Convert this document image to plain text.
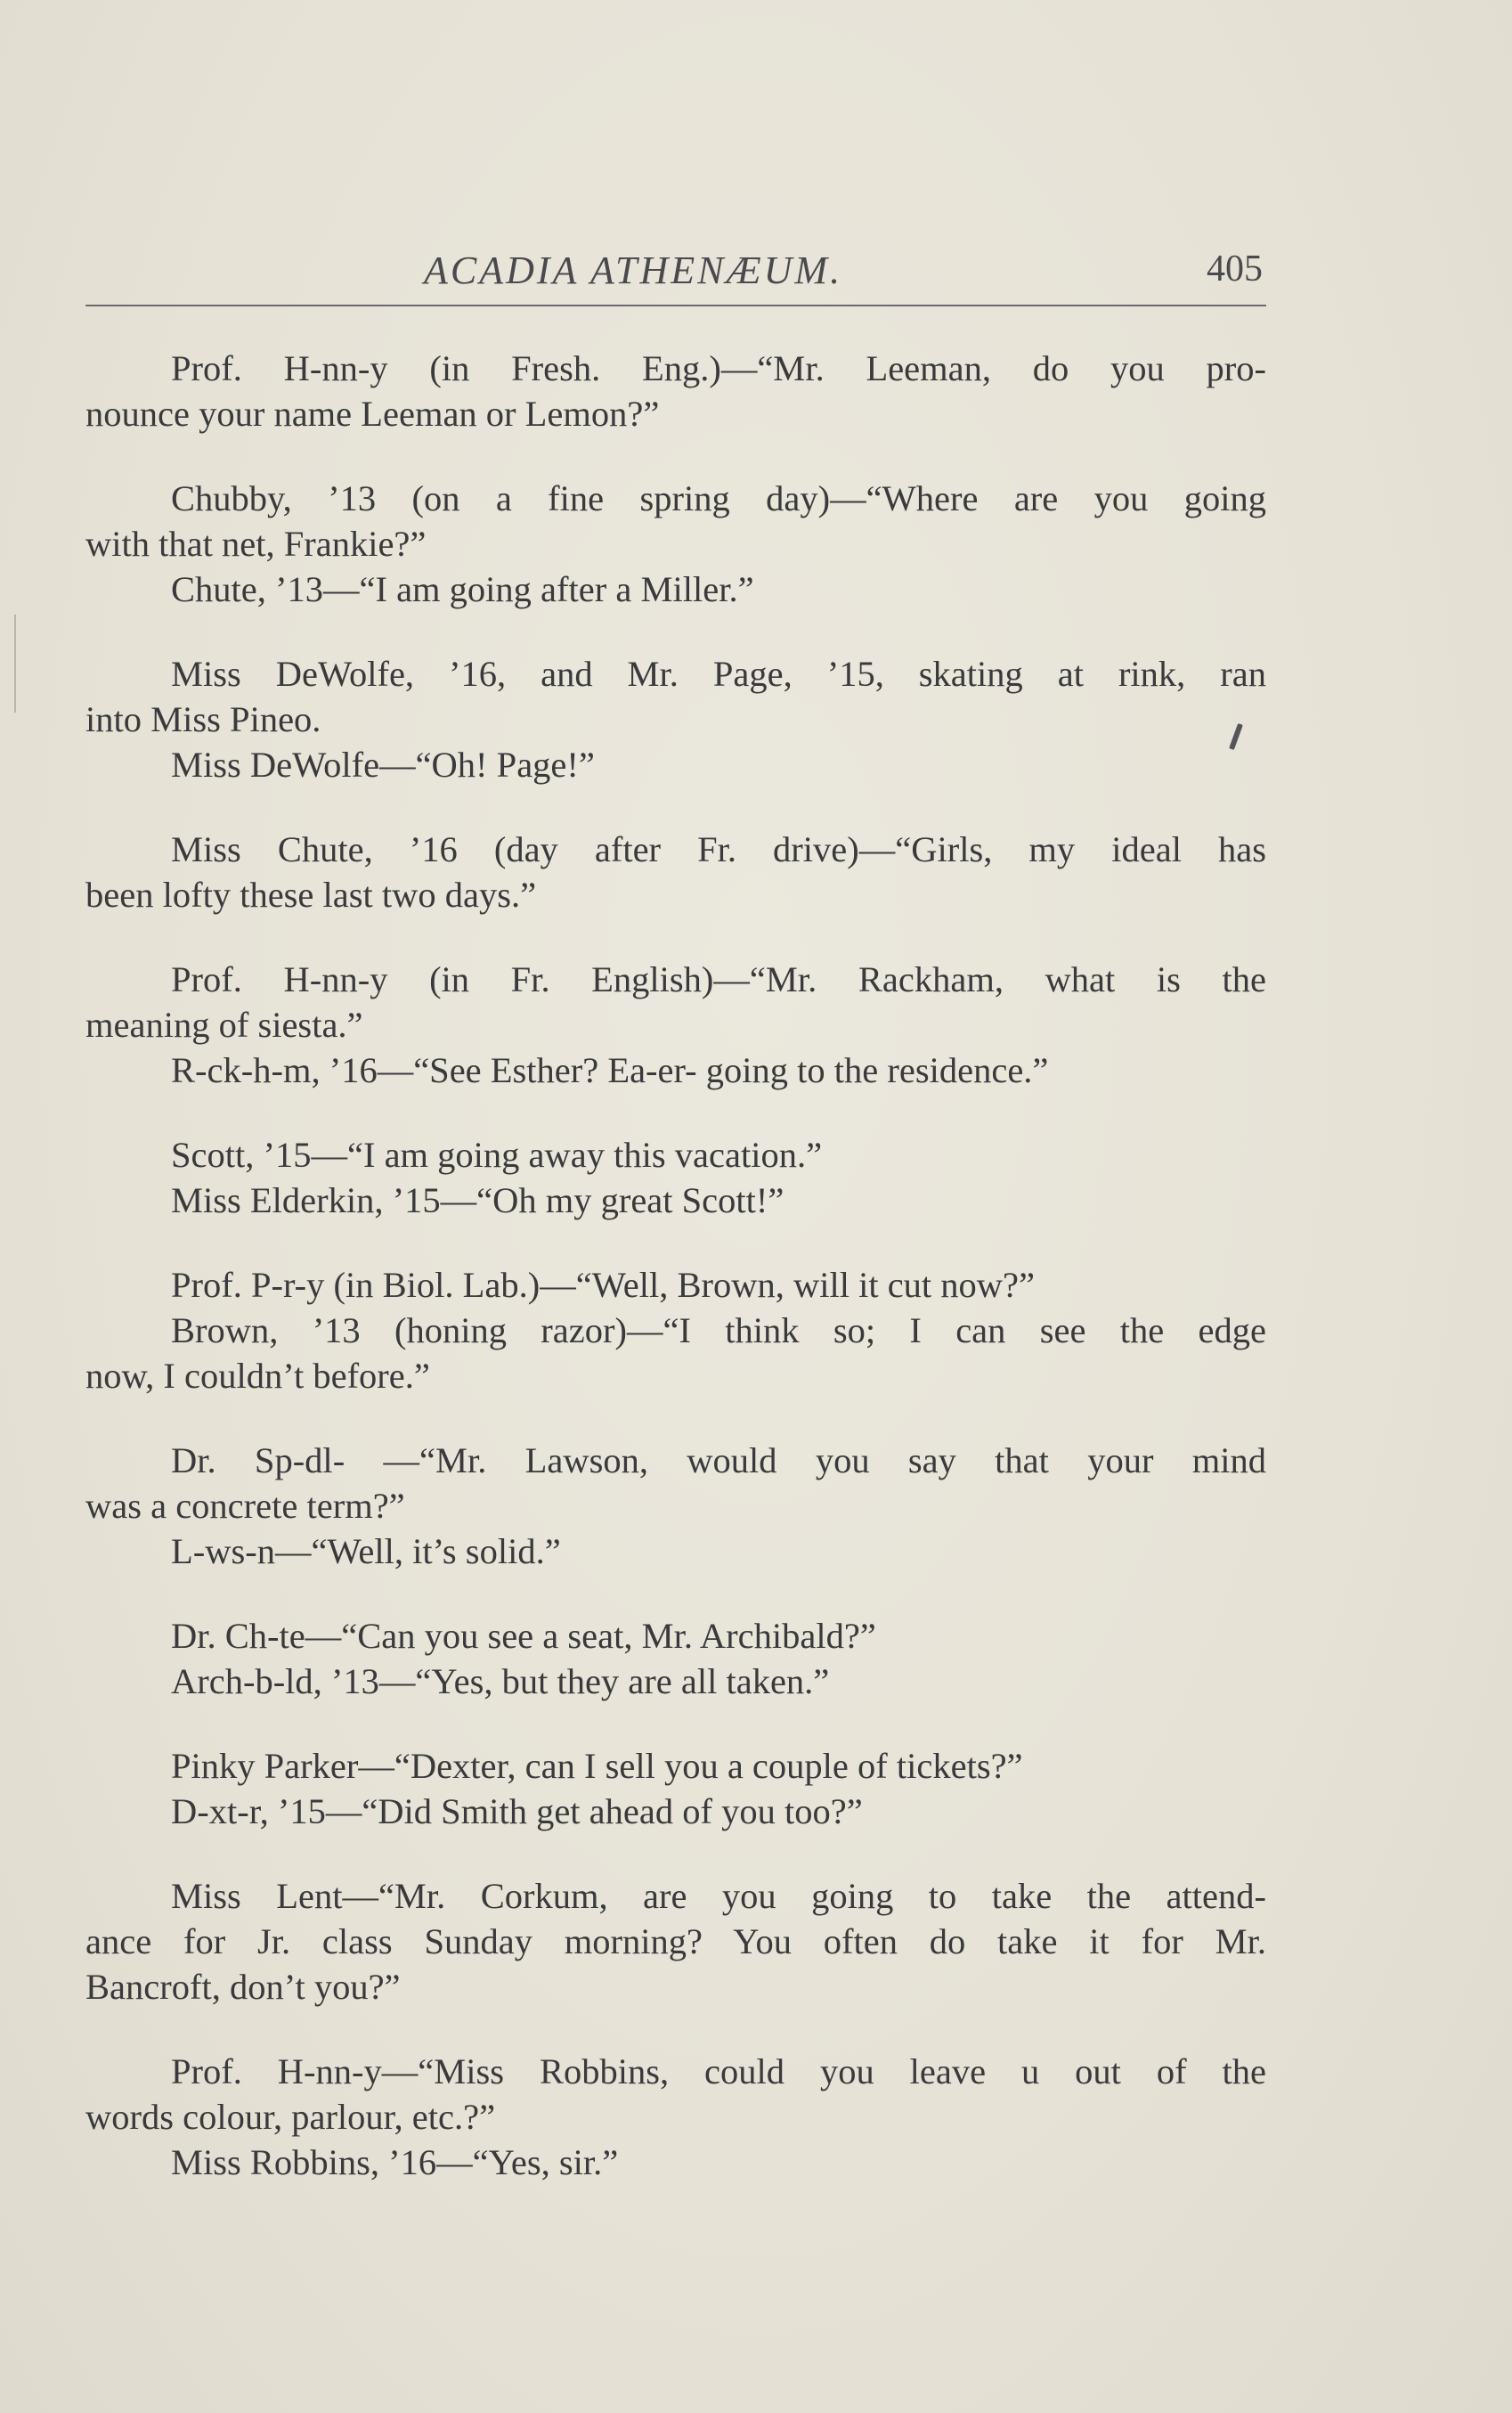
ACADIA ATHENÆUM.	405
Prof. H-nn-y (in Fresh. Eng.)—“Mr. Leeman, do you pro-
nounce your name Leeman or Lemon?”
Chubby, ’13 (on a fine spring day)—“Where are you going
with that net, Frankie?”
Chute, ’13—“I am going after a Miller.”
Miss DeWolfe, ’16, and Mr. Page, ’15, skating at rink, ran
into Miss Pineo.
Miss DeWolfe—“Oh! Page!”
Miss Chute, ’16 (day after Fr. drive)—“Girls, my ideal has
been lofty these last two days.”
Prof. H-nn-y (in Fr. English)—“Mr. Rackham, what is the
meaning of siesta.”
R-ck-h-m, ’16—“See Esther? Ea-er- going to the residence.”
Scott, ’15—“I am going away this vacation.”
Miss Elderkin, ’15—“Oh my great Scott!”
Prof. P-r-y (in Biol. Lab.)—“Well, Brown, will it cut now?”
Brown, ’13 (honing razor)—“I think so; I can see the edge
now, I couldn’t before.”
Dr. Sp-dl- —“Mr. Lawson, would you say that your mind
was a concrete term?”
L-ws-n—“Well, it’s solid.”
Dr. Ch-te—“Can you see a seat, Mr. Archibald?”
Arch-b-ld, ’13—“Yes, but they are all taken.”
Pinky Parker—“Dexter, can I sell you a couple of tickets?”
D-xt-r, ’15—“Did Smith get ahead of you too?”
Miss Lent—“Mr. Corkum, are you going to take the attend-
ance for Jr. class Sunday morning? You often do take it for Mr.
Bancroft, don’t you?”
Prof. H-nn-y—“Miss Robbins, could you leave u out of the
words colour, parlour, etc.?”
Miss Robbins, ’16—“Yes, sir.”
